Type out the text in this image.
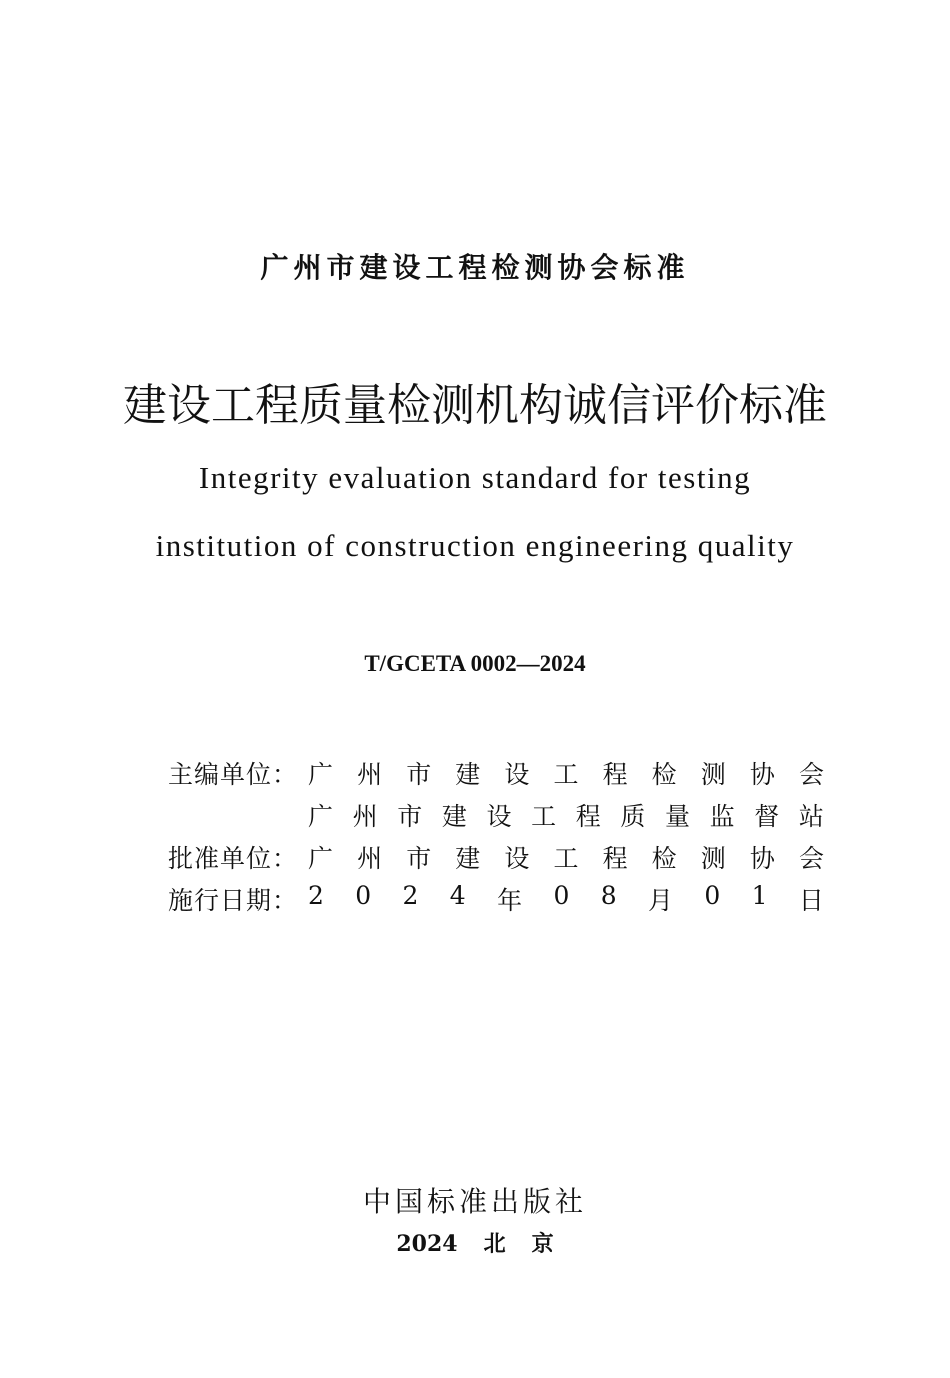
广州市建设工程检测协会标准
建设工程质量检测机构诚信评价标准
Integrity evaluation standard for testing
institution of construction engineering quality
T/GCETA 0002—2024
主编单位： 广 州 市 建 设 工 程 检 测 协 会
广 州 市 建 设 工 程 质 量 监 督 站
批准单位： 广 州 市 建 设 工 程 检 测 协 会
施行日期： 2 0 2 4 年 0 8 月 0 1 日
中国标准出版社
2024 北 京
